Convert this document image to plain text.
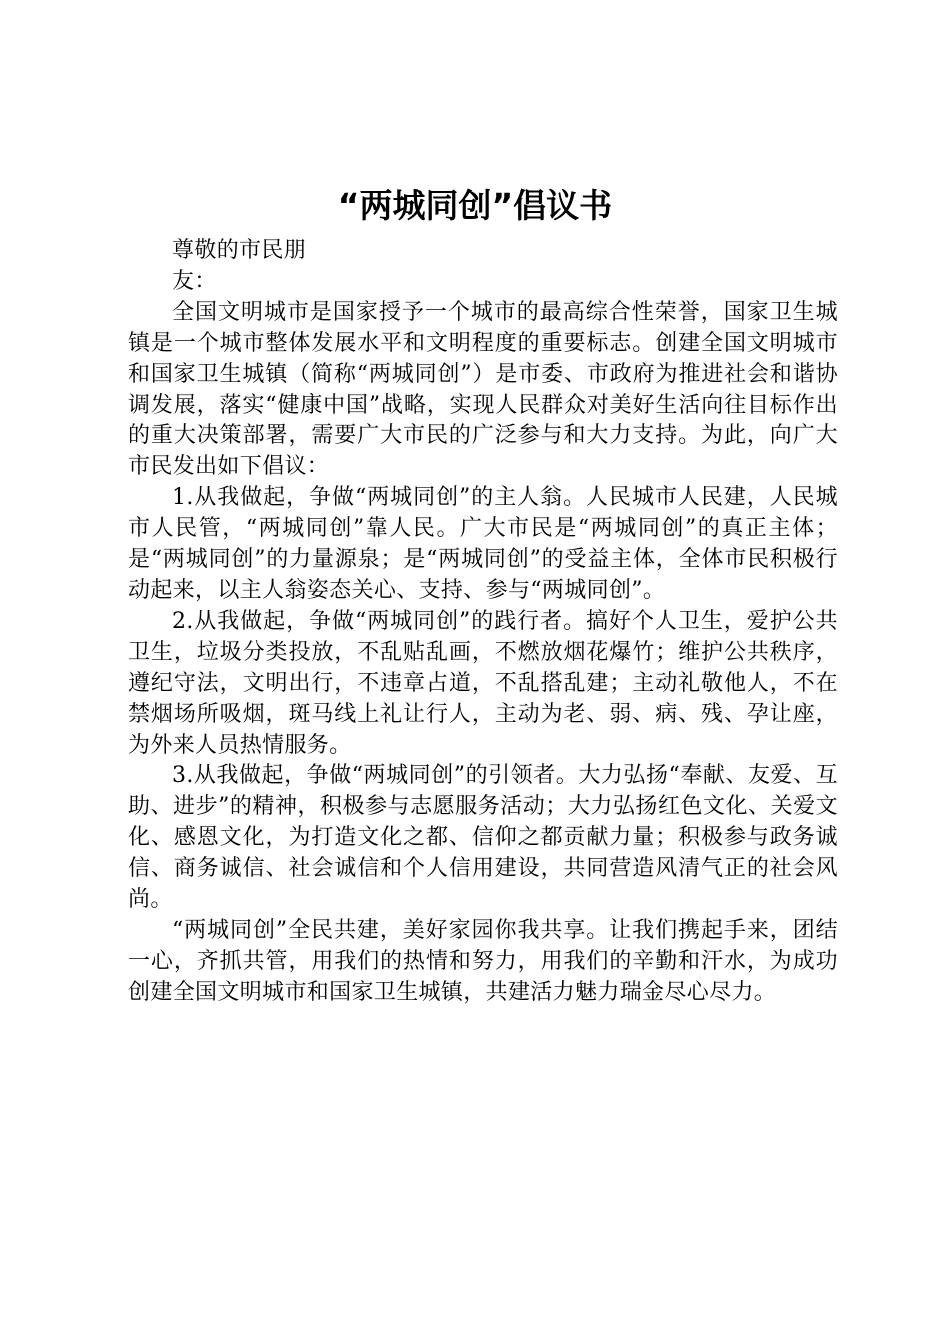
“两城同创”倡议书

尊敬的市民朋友：

全国文明城市是国家授予一个城市的最高综合性荣誉，国家卫生城镇是一个城市整体发展水平和文明程度的重要标志。创建全国文明城市和国家卫生城镇（简称“两城同创”）是市委、市政府为推进社会和谐协调发展，落实“健康中国”战略，实现人民群众对美好生活向往目标作出的重大决策部署，需要广大市民的广泛参与和大力支持。为此，向广大市民发出如下倡议：

1.从我做起，争做“两城同创”的主人翁。人民城市人民建，人民城市人民管，“两城同创”靠人民。广大市民是“两城同创”的真正主体；是“两城同创”的力量源泉；是“两城同创”的受益主体，全体市民积极行动起来，以主人翁姿态关心、支持、参与“两城同创”。

2.从我做起，争做“两城同创”的践行者。搞好个人卫生，爱护公共卫生，垃圾分类投放，不乱贴乱画，不燃放烟花爆竹；维护公共秩序，遵纪守法，文明出行，不违章占道，不乱搭乱建；主动礼敬他人，不在禁烟场所吸烟，斑马线上礼让行人，主动为老、弱、病、残、孕让座，为外来人员热情服务。

3.从我做起，争做“两城同创”的引领者。大力弘扬“奉献、友爱、互助、进步”的精神，积极参与志愿服务活动；大力弘扬红色文化、关爱文化、感恩文化，为打造文化之都、信仰之都贡献力量；积极参与政务诚信、商务诚信、社会诚信和个人信用建设，共同营造风清气正的社会风尚。

“两城同创”全民共建，美好家园你我共享。让我们携起手来，团结一心，齐抓共管，用我们的热情和努力，用我们的辛勤和汗水，为成功创建全国文明城市和国家卫生城镇，共建活力魅力瑞金尽心尽力。
